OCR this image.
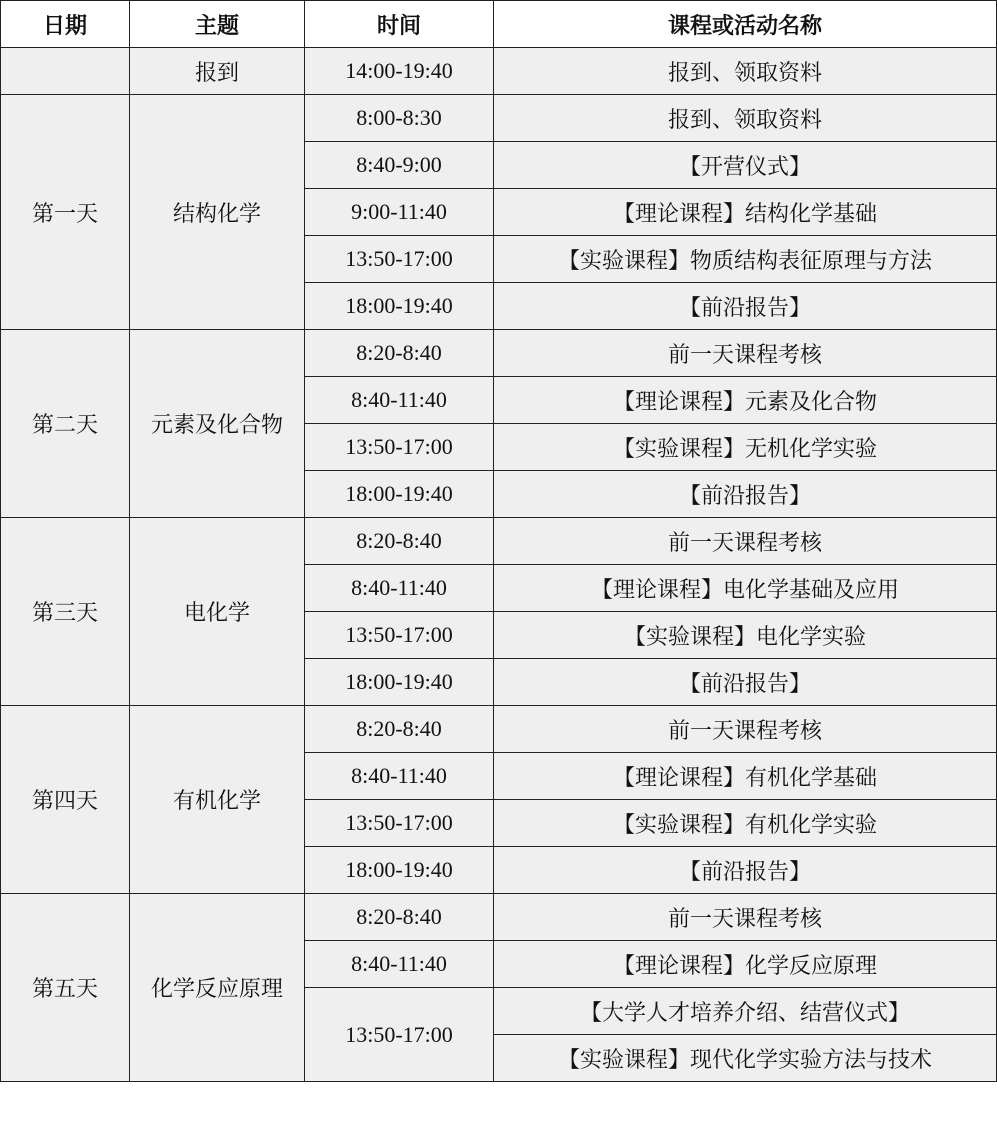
日期	主题	时间	课程或活动名称
	报到	14:00-19:40	报到、领取资料
第一天	结构化学	8:00-8:30	报到、领取资料
		8:40-9:00	【开营仪式】
		9:00-11:40	【理论课程】结构化学基础
		13:50-17:00	【实验课程】物质结构表征原理与方法
		18:00-19:40	【前沿报告】
第二天	元素及化合物	8:20-8:40	前一天课程考核
		8:40-11:40	【理论课程】元素及化合物
		13:50-17:00	【实验课程】无机化学实验
		18:00-19:40	【前沿报告】
第三天	电化学	8:20-8:40	前一天课程考核
		8:40-11:40	【理论课程】电化学基础及应用
		13:50-17:00	【实验课程】电化学实验
		18:00-19:40	【前沿报告】
第四天	有机化学	8:20-8:40	前一天课程考核
		8:40-11:40	【理论课程】有机化学基础
		13:50-17:00	【实验课程】有机化学实验
		18:00-19:40	【前沿报告】
第五天	化学反应原理	8:20-8:40	前一天课程考核
		8:40-11:40	【理论课程】化学反应原理
		13:50-17:00	【大学人才培养介绍、结营仪式】
			【实验课程】现代化学实验方法与技术
